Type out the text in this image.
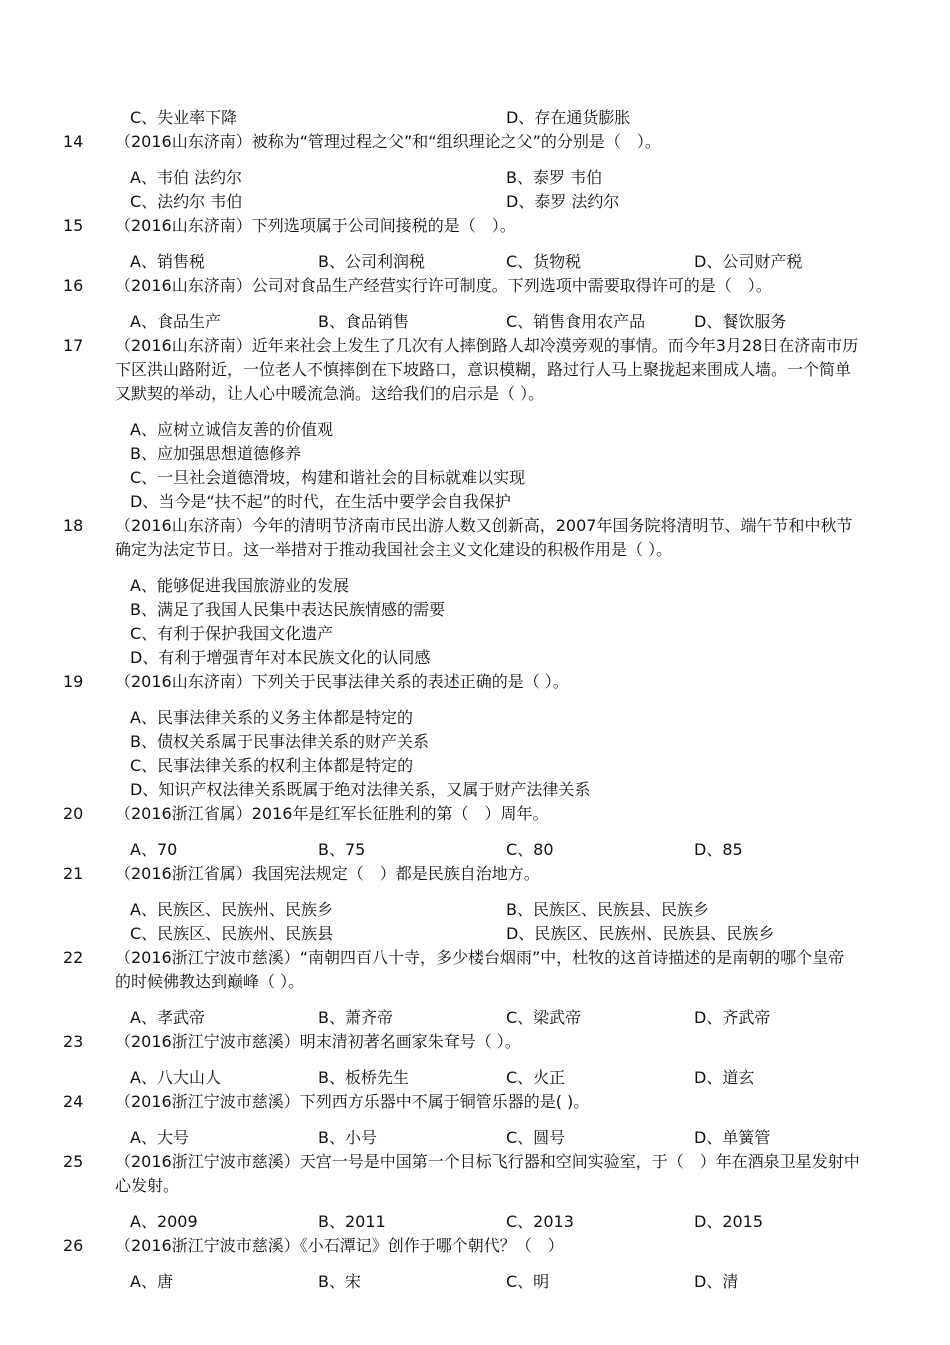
C、失业率下降	D、存在通货膨胀
14 （2016山东济南）被称为“管理过程之父”和“组织理论之父”的分别是（　）。
A、韦伯 法约尔	B、泰罗 韦伯
C、法约尔 韦伯	D、泰罗 法约尔
15 （2016山东济南）下列选项属于公司间接税的是（　）。
A、销售税	B、公司利润税	C、货物税	D、公司财产税
16 （2016山东济南）公司对食品生产经营实行许可制度。下列选项中需要取得许可的是（　）。
A、食品生产	B、食品销售	C、销售食用农产品	D、餐饮服务
17 （2016山东济南）近年来社会上发生了几次有人摔倒路人却冷漠旁观的事情。而今年3月28日在济南市历下区洪山路附近，一位老人不慎摔倒在下坡路口，意识模糊，路过行人马上聚拢起来围成人墙。一个简单又默契的举动，让人心中暖流急淌。这给我们的启示是（ ）。
A、应树立诚信友善的价值观
B、应加强思想道德修养
C、一旦社会道德滑坡，构建和谐社会的目标就难以实现
D、当今是“扶不起”的时代，在生活中要学会自我保护
18 （2016山东济南）今年的清明节济南市民出游人数又创新高，2007年国务院将清明节、端午节和中秋节确定为法定节日。这一举措对于推动我国社会主义文化建设的积极作用是（ ）。
A、能够促进我国旅游业的发展
B、满足了我国人民集中表达民族情感的需要
C、有利于保护我国文化遗产
D、有利于增强青年对本民族文化的认同感
19 （2016山东济南）下列关于民事法律关系的表述正确的是（ ）。
A、民事法律关系的义务主体都是特定的
B、债权关系属于民事法律关系的财产关系
C、民事法律关系的权利主体都是特定的
D、知识产权法律关系既属于绝对法律关系，又属于财产法律关系
20 （2016浙江省属）2016年是红军长征胜利的第（　）周年。
A、70	B、75	C、80	D、85
21 （2016浙江省属）我国宪法规定（　）都是民族自治地方。
A、民族区、民族州、民族乡	B、民族区、民族县、民族乡
C、民族区、民族州、民族县	D、民族区、民族州、民族县、民族乡
22 （2016浙江宁波市慈溪）“南朝四百八十寺，多少楼台烟雨”中，杜牧的这首诗描述的是南朝的哪个皇帝的时候佛教达到巅峰（ ）。
A、孝武帝	B、萧齐帝	C、梁武帝	D、齐武帝
23 （2016浙江宁波市慈溪）明末清初著名画家朱耷号（ ）。
A、八大山人	B、板桥先生	C、火正	D、道玄
24 （2016浙江宁波市慈溪）下列西方乐器中不属于铜管乐器的是( )。
A、大号	B、小号	C、圆号	D、单簧管
25 （2016浙江宁波市慈溪）天宫一号是中国第一个目标飞行器和空间实验室，于（　）年在酒泉卫星发射中心发射。
A、2009	B、2011	C、2013	D、2015
26 （2016浙江宁波市慈溪）《小石潭记》创作于哪个朝代？（　）
A、唐	B、宋	C、明	D、清
